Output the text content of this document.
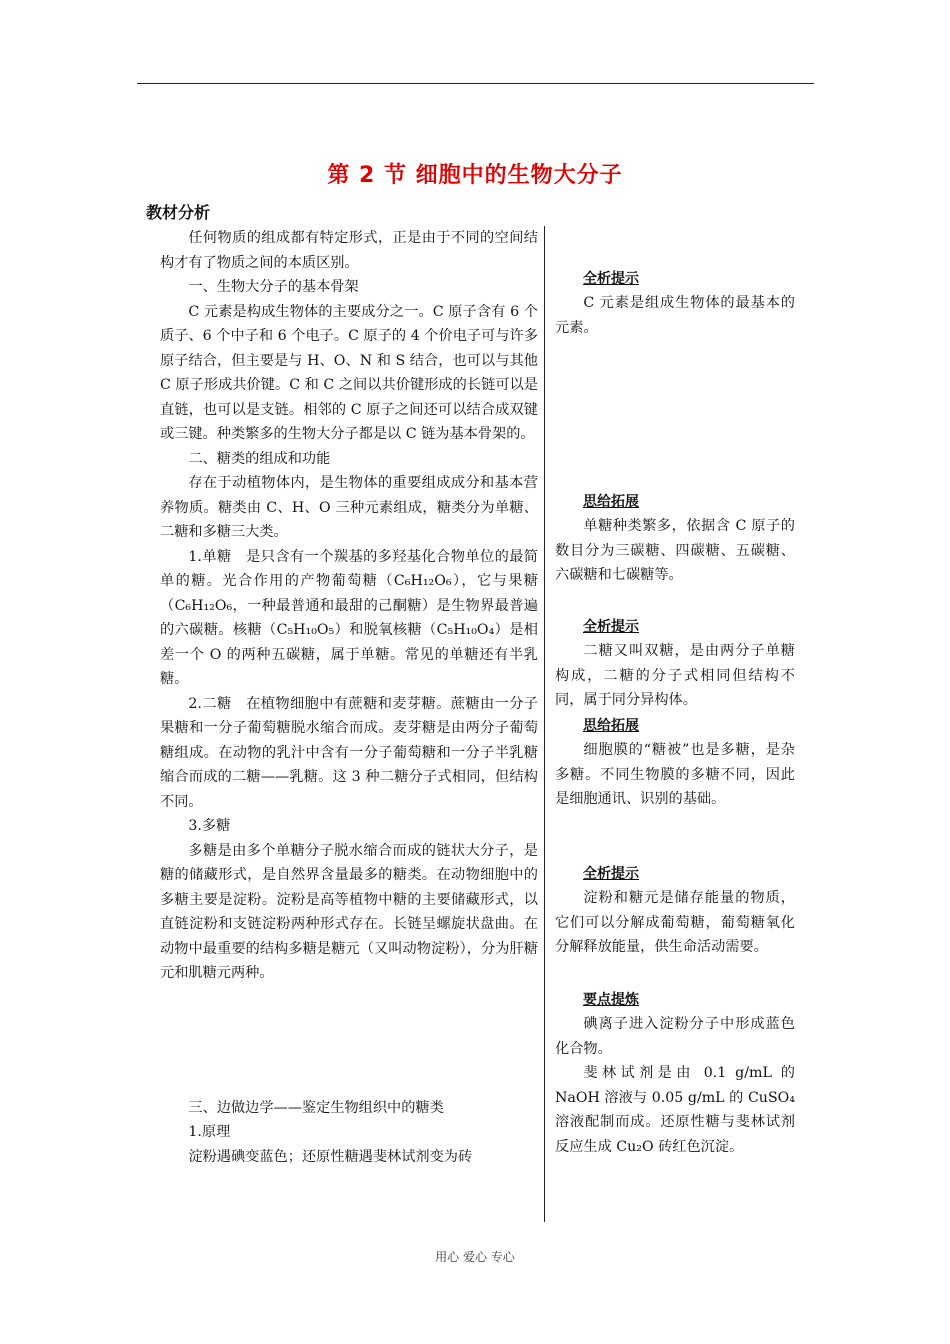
第 2 节 细胞中的生物大分子
教材分析

任何物质的组成都有特定形式，正是由于不同的空间结构才有了物质之间的本质区别。

一、生物大分子的基本骨架

C 元素是构成生物体的主要成分之一。C 原子含有 6 个质子、6 个中子和 6 个电子。C 原子的 4 个价电子可与许多原子结合，但主要是与 H、O、N 和 S 结合，也可以与其他 C 原子形成共价键。C 和 C 之间以共价键形成的长链可以是直链，也可以是支链。相邻的 C 原子之间还可以结合成双键或三键。种类繁多的生物大分子都是以 C 链为基本骨架的。

二、糖类的组成和功能

存在于动植物体内，是生物体的重要组成成分和基本营养物质。糖类由 C、H、O 三种元素组成，糖类分为单糖、二糖和多糖三大类。

1.单糖　是只含有一个羰基的多羟基化合物单位的最简单的糖。光合作用的产物葡萄糖（C₆H₁₂O₆），它与果糖（C₆H₁₂O₆，一种最普通和最甜的己酮糖）是生物界最普遍的六碳糖。核糖（C₅H₁₀O₅）和脱氧核糖（C₅H₁₀O₄）是相差一个 O 的两种五碳糖，属于单糖。常见的单糖还有半乳糖。

2.二糖　在植物细胞中有蔗糖和麦芽糖。蔗糖由一分子果糖和一分子葡萄糖脱水缩合而成。麦芽糖是由两分子葡萄糖组成。在动物的乳汁中含有一分子葡萄糖和一分子半乳糖缩合而成的二糖——乳糖。这 3 种二糖分子式相同，但结构不同。

3.多糖

多糖是由多个单糖分子脱水缩合而成的链状大分子，是糖的储藏形式，是自然界含量最多的糖类。在动物细胞中的多糖主要是淀粉。淀粉是高等植物中糖的主要储藏形式，以直链淀粉和支链淀粉两种形式存在。长链呈螺旋状盘曲。在动物中最重要的结构多糖是糖元（又叫动物淀粉），分为肝糖元和肌糖元两种。

三、边做边学——鉴定生物组织中的糖类

1.原理

淀粉遇碘变蓝色；还原性糖遇斐林试剂变为砖

全析提示

C 元素是组成生物体的最基本的元素。

思给拓展

单糖种类繁多，依据含 C 原子的数目分为三碳糖、四碳糖、五碳糖、六碳糖和七碳糖等。

全析提示

二糖又叫双糖，是由两分子单糖构成，二糖的分子式相同但结构不同，属于同分异构体。

思给拓展

细胞膜的“糖被”也是多糖，是杂多糖。不同生物膜的多糖不同，因此是细胞通讯、识别的基础。

全析提示

淀粉和糖元是储存能量的物质，它们可以分解成葡萄糖，葡萄糖氧化分解释放能量，供生命活动需要。

要点提炼

碘离子进入淀粉分子中形成蓝色化合物。

斐林试剂是由 0.1 g/mL 的 NaOH 溶液与 0.05 g/mL 的 CuSO₄ 溶液配制而成。还原性糖与斐林试剂反应生成 Cu₂O 砖红色沉淀。

用心 爱心 专心
